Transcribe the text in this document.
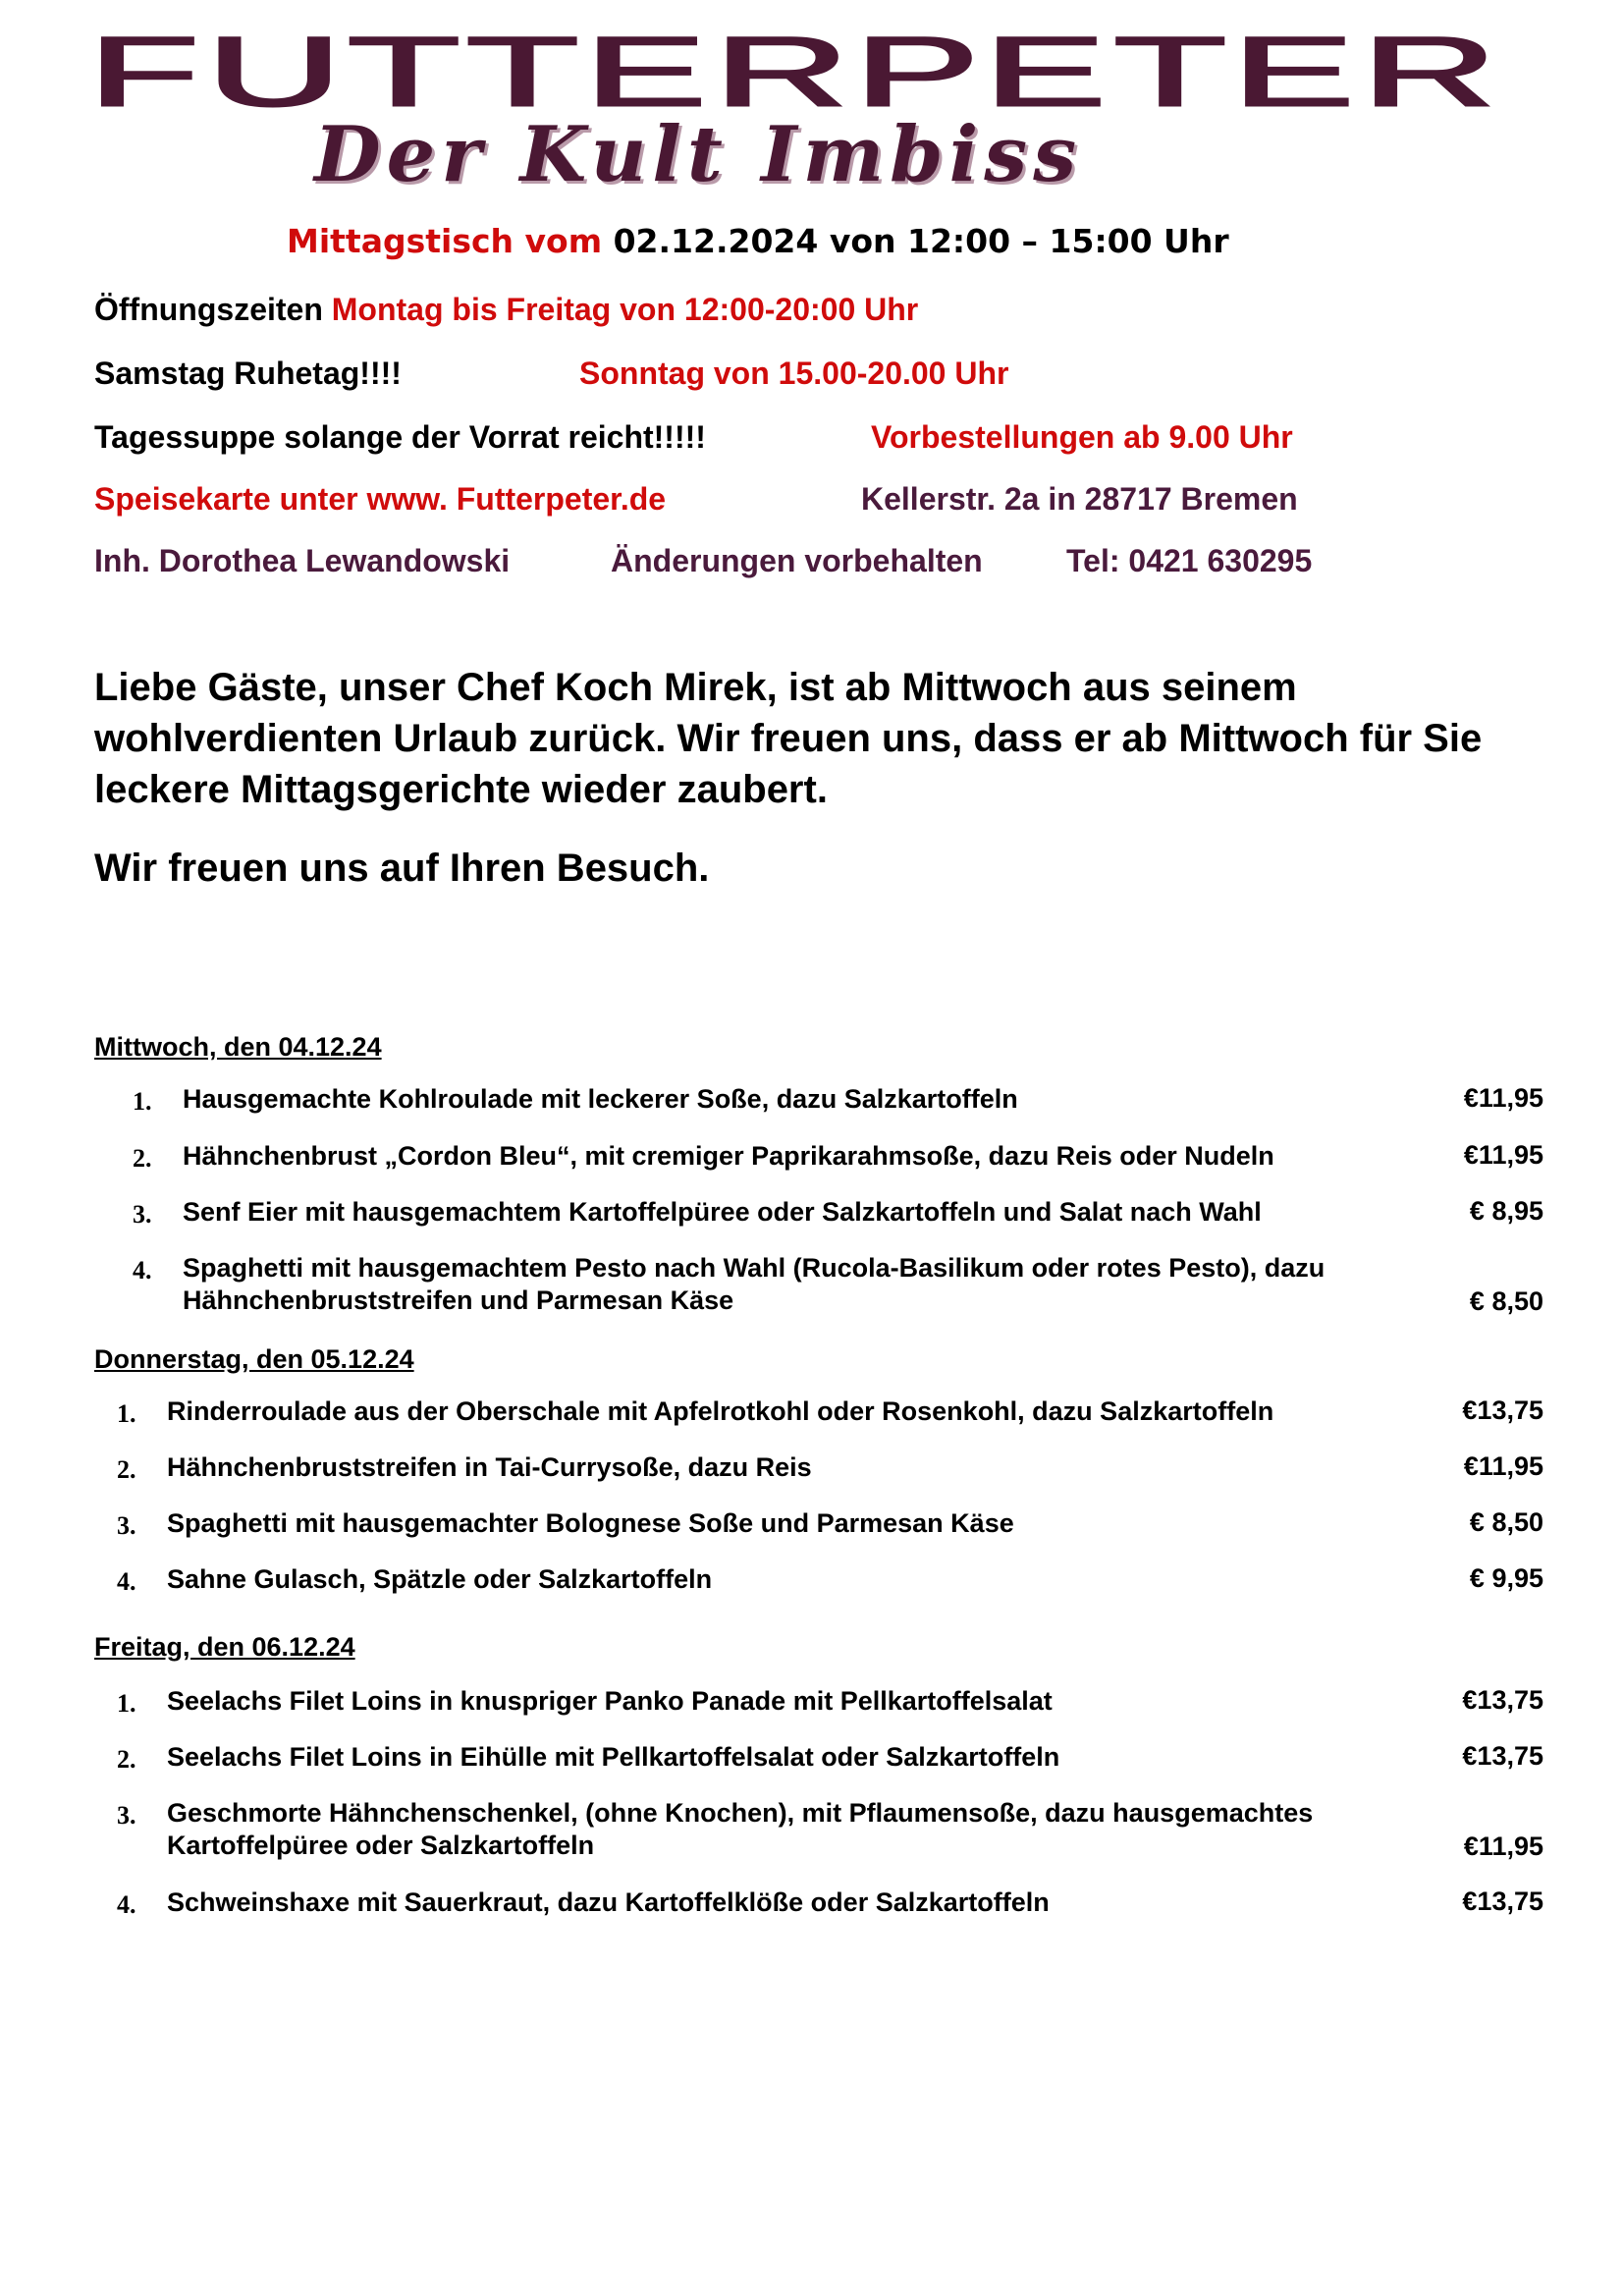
FUTTERPETER
Der Kult Imbiss
Mittagstisch vom 02.12.2024 von 12:00 – 15:00 Uhr
Öffnungszeiten Montag bis Freitag von 12:00-20:00 Uhr
Samstag Ruhetag!!!!	Sonntag von 15.00-20.00 Uhr
Tagessuppe solange der Vorrat reicht!!!!!	Vorbestellungen ab 9.00 Uhr
Speisekarte unter www. Futterpeter.de	Kellerstr. 2a in 28717 Bremen
Inh. Dorothea Lewandowski	Änderungen vorbehalten	Tel: 0421 630295
Liebe Gäste, unser Chef Koch Mirek, ist ab Mittwoch aus seinem wohlverdienten Urlaub zurück. Wir freuen uns, dass er ab Mittwoch für Sie leckere Mittagsgerichte wieder zaubert.
Wir freuen uns auf Ihren Besuch.
Mittwoch, den 04.12.24
1. Hausgemachte Kohlroulade mit leckerer Soße, dazu Salzkartoffeln	€11,95
2. Hähnchenbrust „Cordon Bleu“, mit cremiger Paprikarahmsoße, dazu Reis oder Nudeln	€11,95
3. Senf Eier mit hausgemachtem Kartoffelpüree oder Salzkartoffeln und Salat nach Wahl	€ 8,95
4. Spaghetti mit hausgemachtem Pesto nach Wahl (Rucola-Basilikum oder rotes Pesto), dazu
Hähnchenbruststreifen und Parmesan Käse	€ 8,50
Donnerstag, den 05.12.24
1. Rinderroulade aus der Oberschale mit Apfelrotkohl oder Rosenkohl, dazu Salzkartoffeln	€13,75
2. Hähnchenbruststreifen in Tai-Currysoße, dazu Reis	€11,95
3. Spaghetti mit hausgemachter Bolognese Soße und Parmesan Käse	€ 8,50
4. Sahne Gulasch, Spätzle oder Salzkartoffeln	€ 9,95
Freitag, den 06.12.24
1. Seelachs Filet Loins in knuspriger Panko Panade mit Pellkartoffelsalat	€13,75
2. Seelachs Filet Loins in Eihülle mit Pellkartoffelsalat oder Salzkartoffeln	€13,75
3. Geschmorte Hähnchenschenkel, (ohne Knochen), mit Pflaumensoße, dazu hausgemachtes
Kartoffelpüree oder Salzkartoffeln	€11,95
4. Schweinshaxe mit Sauerkraut, dazu Kartoffelklöße oder Salzkartoffeln	€13,75
